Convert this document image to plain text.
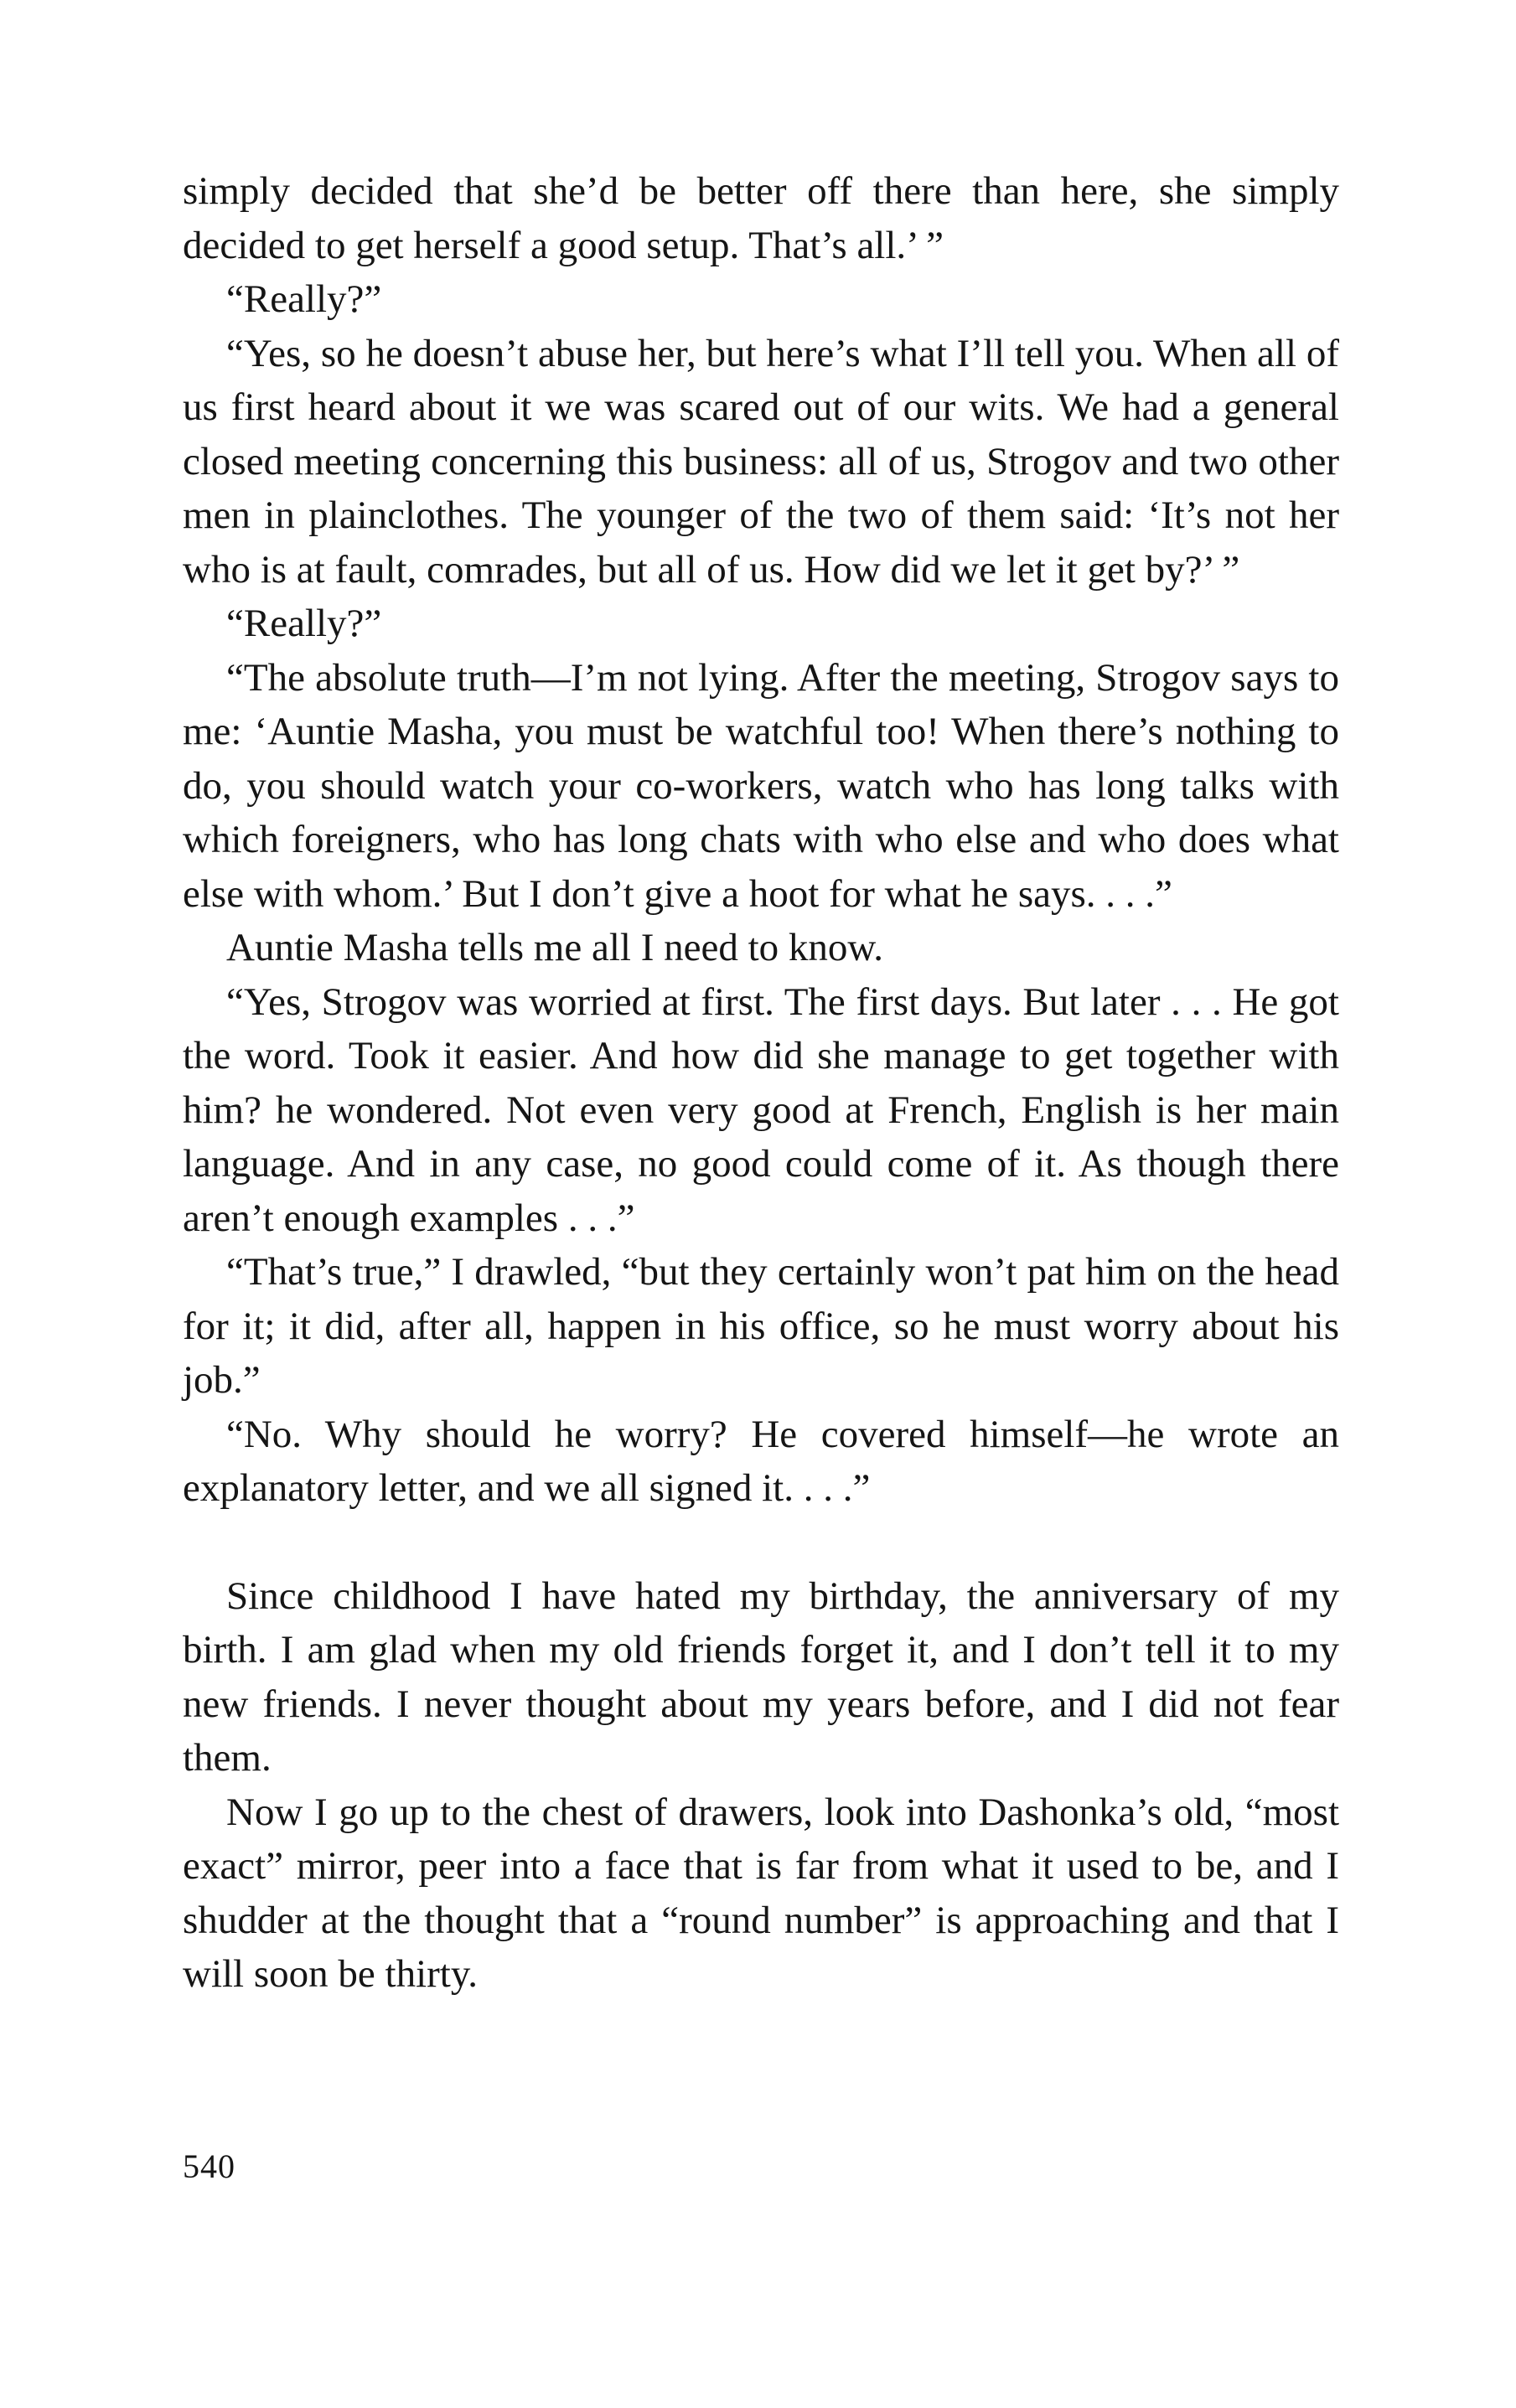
simply decided that she’d be better off there than here, she simply decided to get herself a good setup. That’s all.’ ”

“Really?”

“Yes, so he doesn’t abuse her, but here’s what I’ll tell you. When all of us first heard about it we was scared out of our wits. We had a general closed meeting concerning this business: all of us, Strogov and two other men in plainclothes. The younger of the two of them said: ‘It’s not her who is at fault, comrades, but all of us. How did we let it get by?’ ”

“Really?”

“The absolute truth—I’m not lying. After the meeting, Strogov says to me: ‘Auntie Masha, you must be watchful too! When there’s nothing to do, you should watch your co-workers, watch who has long talks with which foreigners, who has long chats with who else and who does what else with whom.’ But I don’t give a hoot for what he says. . . .”

Auntie Masha tells me all I need to know.

“Yes, Strogov was worried at first. The first days. But later . . . He got the word. Took it easier. And how did she manage to get together with him? he wondered. Not even very good at French, English is her main language. And in any case, no good could come of it. As though there aren’t enough examples . . .”

“That’s true,” I drawled, “but they certainly won’t pat him on the head for it; it did, after all, happen in his office, so he must worry about his job.”

“No. Why should he worry? He covered himself—he wrote an explanatory letter, and we all signed it. . . .”

Since childhood I have hated my birthday, the anniversary of my birth. I am glad when my old friends forget it, and I don’t tell it to my new friends. I never thought about my years before, and I did not fear them.

Now I go up to the chest of drawers, look into Dashonka’s old, “most exact” mirror, peer into a face that is far from what it used to be, and I shudder at the thought that a “round number” is approaching and that I will soon be thirty.

540
